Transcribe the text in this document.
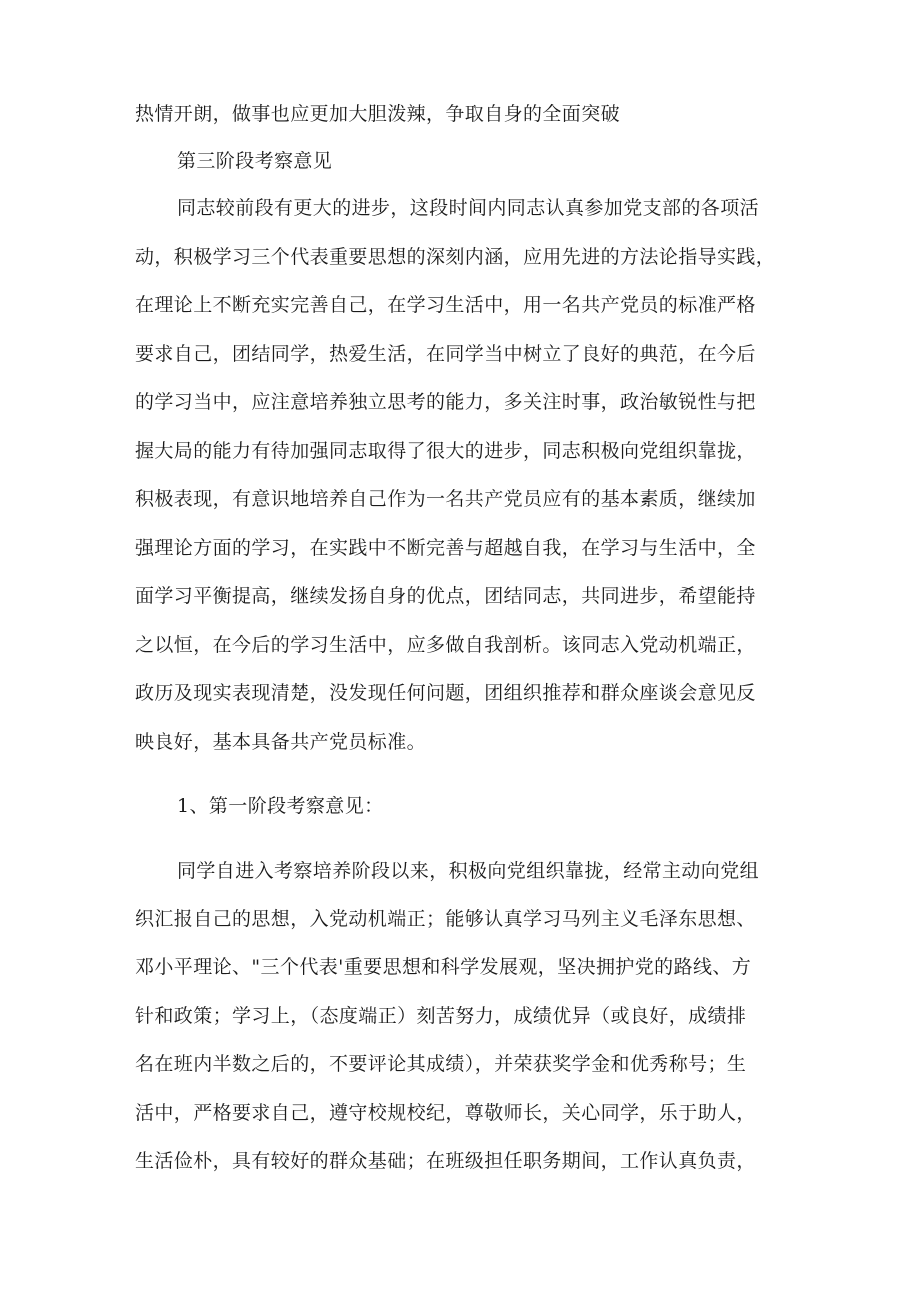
热情开朗，做事也应更加大胆泼辣，争取自身的全面突破
第三阶段考察意见
同志较前段有更大的进步，这段时间内同志认真参加党支部的各项活
动，积极学习三个代表重要思想的深刻内涵，应用先进的方法论指导实践，
在理论上不断充实完善自己，在学习生活中，用一名共产党员的标准严格
要求自己，团结同学，热爱生活，在同学当中树立了良好的典范，在今后
的学习当中，应注意培养独立思考的能力，多关注时事，政治敏锐性与把
握大局的能力有待加强同志取得了很大的进步，同志积极向党组织靠拢，
积极表现，有意识地培养自己作为一名共产党员应有的基本素质，继续加
强理论方面的学习，在实践中不断完善与超越自我，在学习与生活中，全
面学习平衡提高，继续发扬自身的优点，团结同志，共同进步，希望能持
之以恒，在今后的学习生活中，应多做自我剖析。该同志入党动机端正，
政历及现实表现清楚，没发现任何问题，团组织推荐和群众座谈会意见反
映良好，基本具备共产党员标准。
1、第一阶段考察意见：
同学自进入考察培养阶段以来，积极向党组织靠拢，经常主动向党组
织汇报自己的思想，入党动机端正；能够认真学习马列主义毛泽东思想、
邓小平理论、"三个代表'重要思想和科学发展观，坚决拥护党的路线、方
针和政策；学习上，（态度端正）刻苦努力，成绩优异（或良好，成绩排
名在班内半数之后的，不要评论其成绩），并荣获奖学金和优秀称号；生
活中，严格要求自己，遵守校规校纪，尊敬师长，关心同学，乐于助人，
生活俭朴，具有较好的群众基础；在班级担任职务期间，工作认真负责，
